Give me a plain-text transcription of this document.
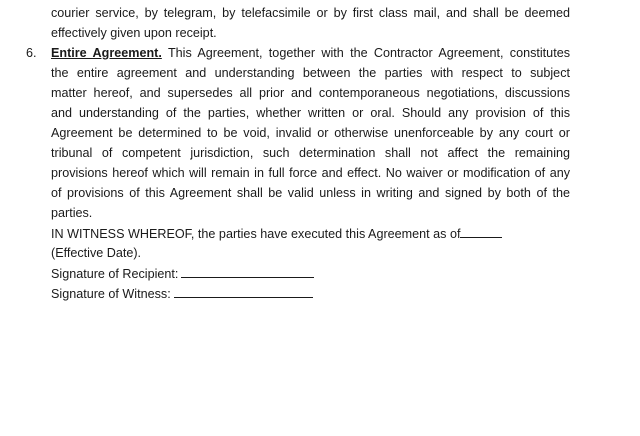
courier service, by telegram, by telefacsimile or by first class mail, and shall be deemed
effectively given upon receipt.
6. Entire Agreement. This Agreement, together with the Contractor Agreement, constitutes
the entire agreement and understanding between the parties with respect to subject
matter hereof, and supersedes all prior and contemporaneous negotiations, discussions
and understanding of the parties, whether written or oral. Should any provision of this
Agreement be determined to be void, invalid or otherwise unenforceable by any court or
tribunal of competent jurisdiction, such determination shall not affect the remaining
provisions hereof which will remain in full force and effect. No waiver or modification of any
of provisions of this Agreement shall be valid unless in writing and signed by both of the
parties.
IN WITNESS WHEREOF, the parties have executed this Agreement as of
(Effective Date).
Signature of Recipient:
Signature of Witness:
